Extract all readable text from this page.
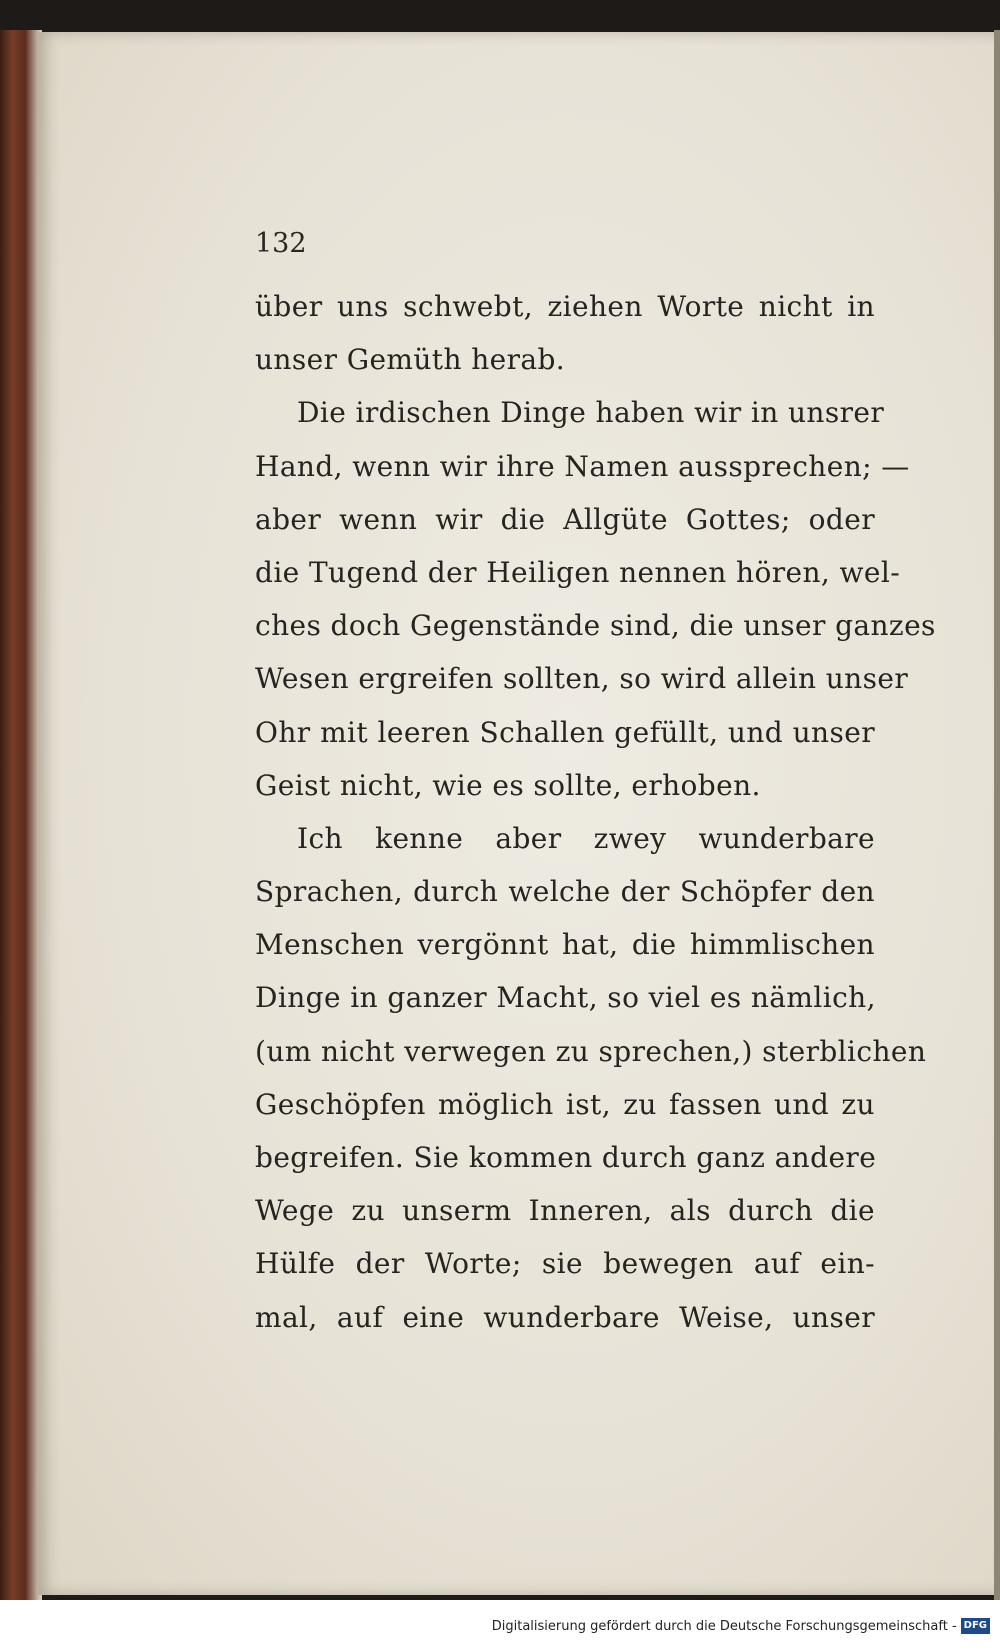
132
über uns schwebt, ziehen Worte nicht in
unser Gemüth herab.
Die irdischen Dinge haben wir in unsrer
Hand, wenn wir ihre Namen aussprechen; —
aber wenn wir die Allgüte Gottes; oder
die Tugend der Heiligen nennen hören, wel-
ches doch Gegenstände sind, die unser ganzes
Wesen ergreifen sollten, so wird allein unser
Ohr mit leeren Schallen gefüllt, und unser
Geist nicht, wie es sollte, erhoben.
Ich kenne aber zwey wunderbare
Sprachen, durch welche der Schöpfer den
Menschen vergönnt hat, die himmlischen
Dinge in ganzer Macht, so viel es nämlich,
(um nicht verwegen zu sprechen,) sterblichen
Geschöpfen möglich ist, zu fassen und zu
begreifen. Sie kommen durch ganz andere
Wege zu unserm Inneren, als durch die
Hülfe der Worte; sie bewegen auf ein-
mal, auf eine wunderbare Weise, unser
Digitalisierung gefördert durch die Deutsche Forschungsgemeinschaft - DFG
